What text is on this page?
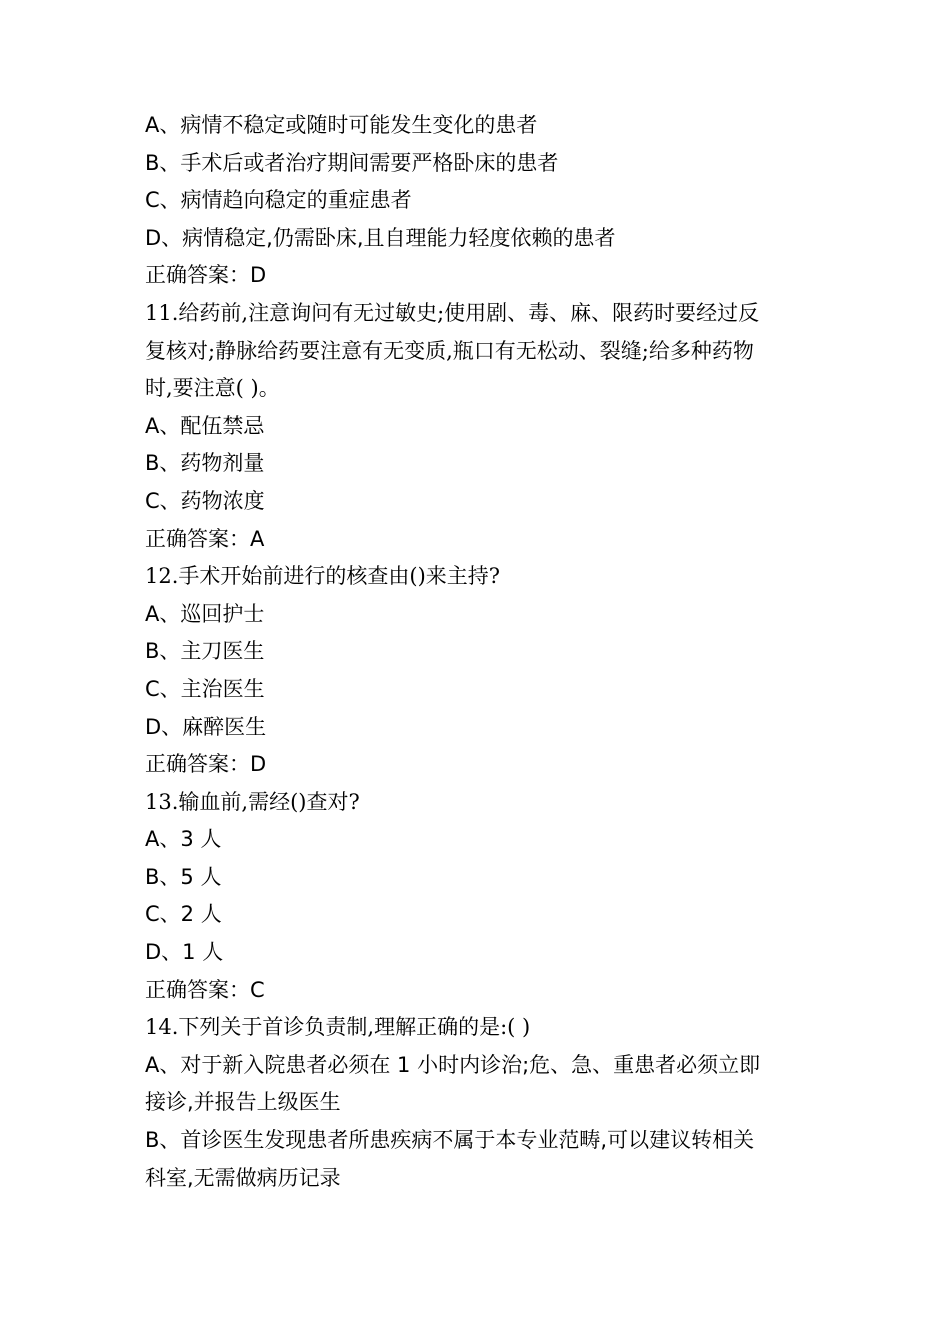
A、病情不稳定或随时可能发生变化的患者

B、手术后或者治疗期间需要严格卧床的患者

C、病情趋向稳定的重症患者

D、病情稳定,仍需卧床,且自理能力轻度依赖的患者

正确答案：D

11.给药前,注意询问有无过敏史;使用剧、毒、麻、限药时要经过反

复核对;静脉给药要注意有无变质,瓶口有无松动、裂缝;给多种药物

时,要注意( )。

A、配伍禁忌

B、药物剂量

C、药物浓度

正确答案：A

12.手术开始前进行的核查由()来主持?

A、巡回护士

B、主刀医生

C、主治医生

D、麻醉医生

正确答案：D

13.输血前,需经()查对?

A、3 人

B、5 人

C、2 人

D、1 人

正确答案：C

14.下列关于首诊负责制,理解正确的是:( )

A、对于新入院患者必须在 1 小时内诊治;危、急、重患者必须立即

接诊,并报告上级医生

B、首诊医生发现患者所患疾病不属于本专业范畴,可以建议转相关

科室,无需做病历记录
